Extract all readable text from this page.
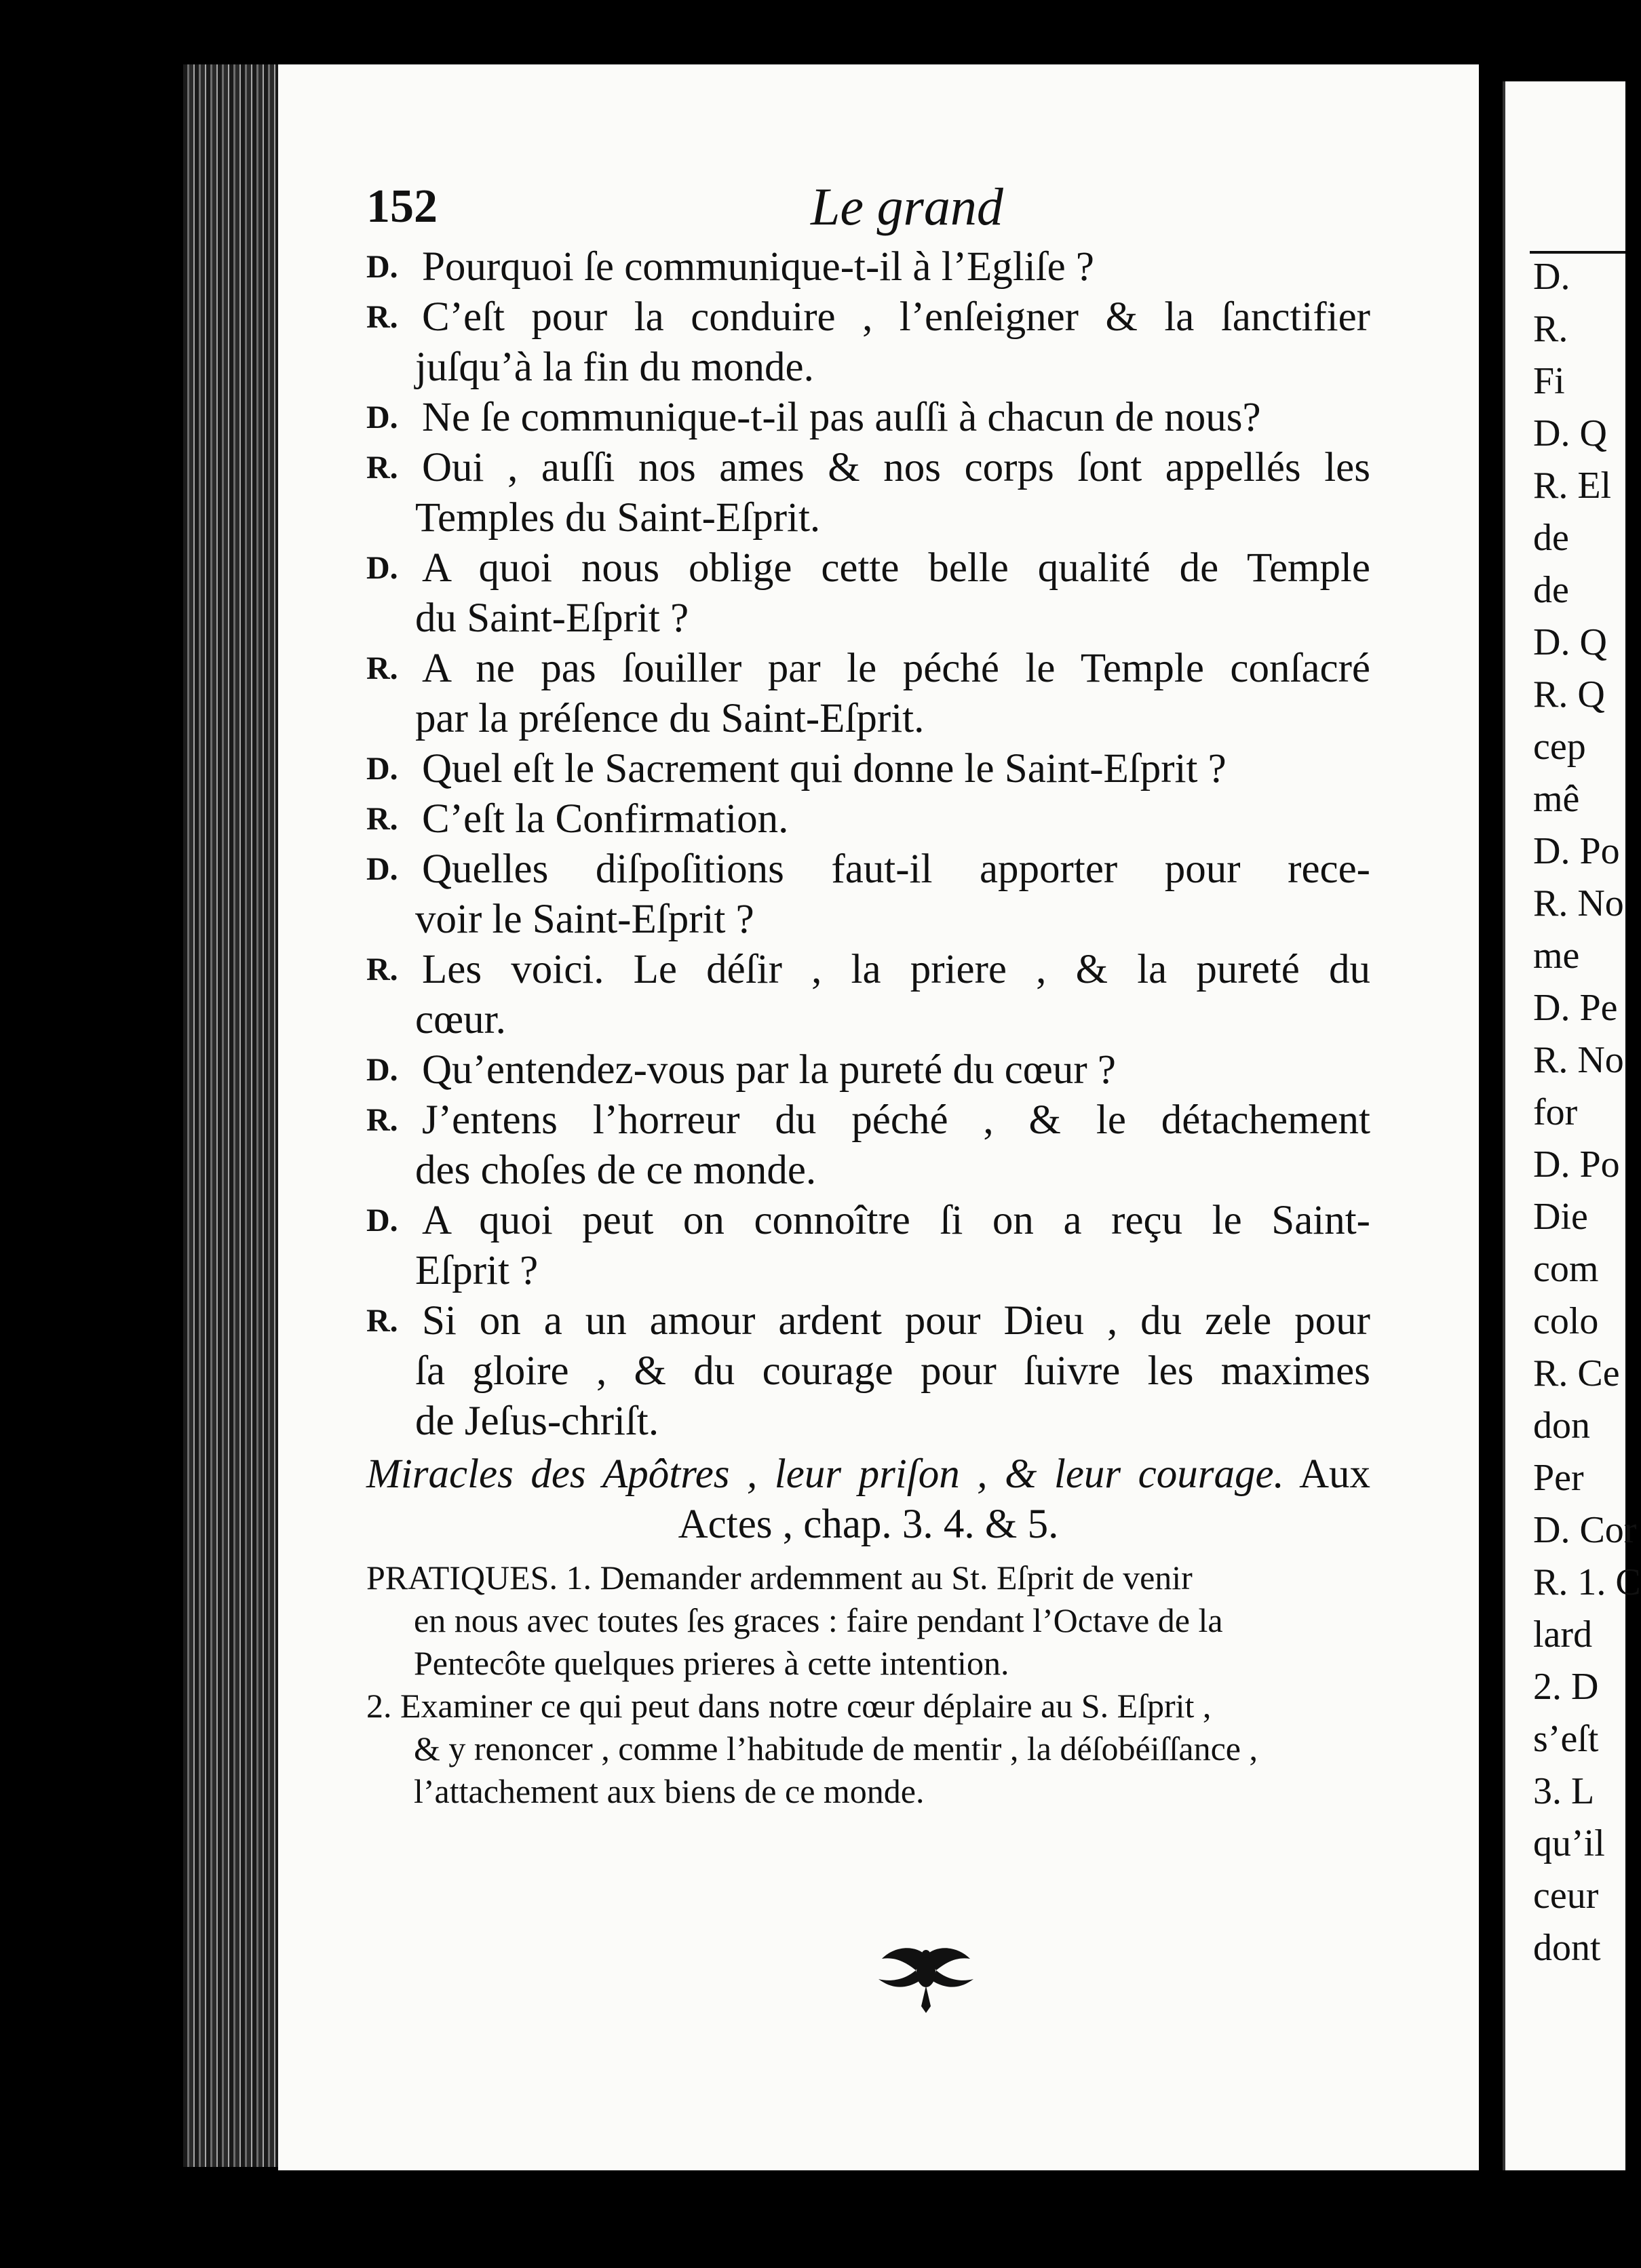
152	Le grand
D. Pourquoi ſe communique-t-il à l’Egliſe ?
R. C’eſt pour la conduire , l’enſeigner & la ſanctifier
juſqu’à la fin du monde.
D. Ne ſe communique-t-il pas auſſi à chacun de nous?
R. Oui , auſſi nos ames & nos corps ſont appellés les
Temples du Saint-Eſprit.
D. A quoi nous oblige cette belle qualité de Temple
du Saint-Eſprit ?
R. A ne pas ſouiller par le péché le Temple conſacré
par la préſence du Saint-Eſprit.
D. Quel eſt le Sacrement qui donne le Saint-Eſprit ?
R. C’eſt la Confirmation.
D. Quelles diſpoſitions faut-il apporter pour rece-
voir le Saint-Eſprit ?
R. Les voici. Le déſir , la priere , & la pureté du
cœur.
D. Qu’entendez-vous par la pureté du cœur ?
R. J’entens l’horreur du péché , & le détachement
des choſes de ce monde.
D. A quoi peut on connoître ſi on a reçu le Saint-
Eſprit ?
R. Si on a un amour ardent pour Dieu , du zele pour
ſa gloire , & du courage pour ſuivre les maximes
de Jeſus-chriſt.
Miracles des Apôtres , leur priſon , & leur courage. Aux
Actes , chap. 3. 4. & 5.
PRATIQUES. 1. Demander ardemment au St. Eſprit de venir
en nous avec toutes ſes graces : faire pendant l’Octave de la
Pentecôte quelques prieres à cette intention.
2. Examiner ce qui peut dans notre cœur déplaire au S. Eſprit ,
& y renoncer , comme l’habitude de mentir , la déſobéiſſance ,
l’attachement aux biens de ce monde.
D.
R.
Fi
D. Q
R. El
de
de
D. Q
R. Q
cep
mê
D. Po
R. No
me
D. Pe
R. No
for
D. Po
Die
com
colo
R. Ce
don
Per
D. Cor
R. 1. C
lard
2. D
s’eſt
3. L
qu’il
ceur
dont
